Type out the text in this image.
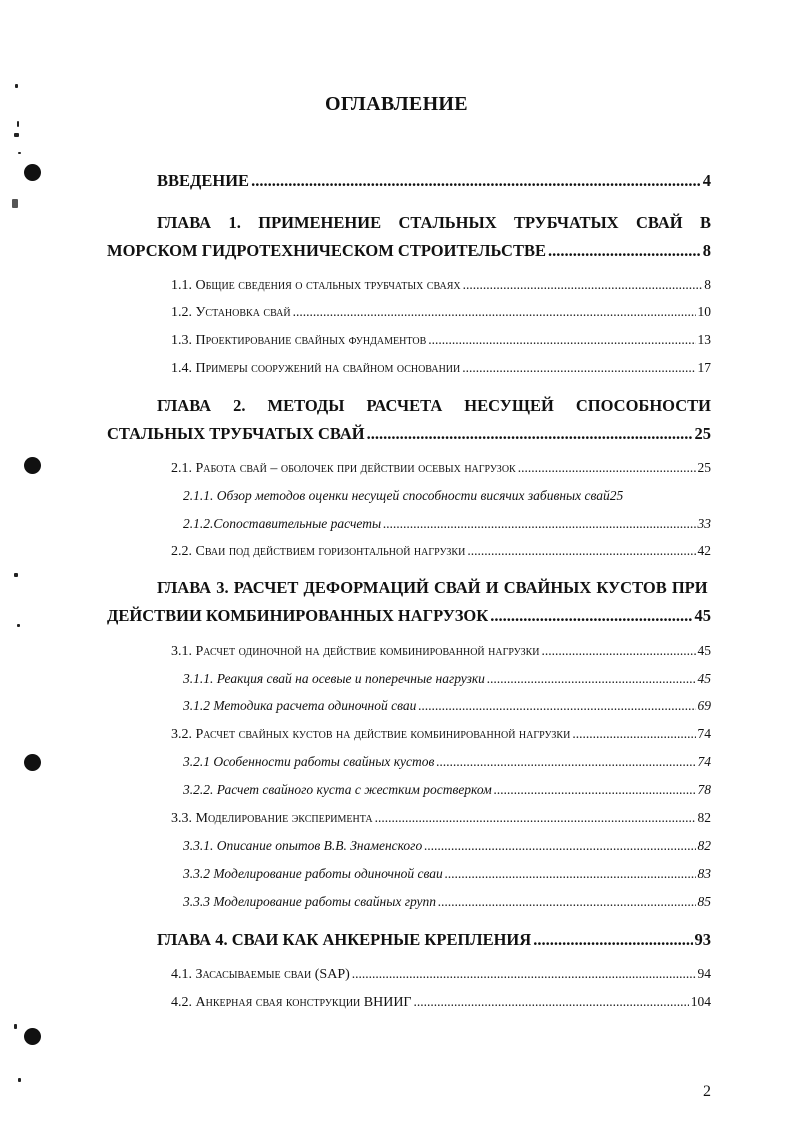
ОГЛАВЛЕНИЕ
ВВЕДЕНИЕ .....	4
ГЛАВА 1. ПРИМЕНЕНИЕ СТАЛЬНЫХ ТРУБЧАТЫХ СВАЙ В
МОРСКОМ ГИДРОТЕХНИЧЕСКОМ СТРОИТЕЛЬСТВЕ .....	8
1.1. Общие сведения о стальных трубчатых сваях .....	8
1.2. Установка свай .....	10
1.3. Проектирование свайных фундаментов .....	13
1.4. Примеры сооружений на свайном основании .....	17
ГЛАВА 2. МЕТОДЫ РАСЧЕТА НЕСУЩЕЙ СПОСОБНОСТИ
СТАЛЬНЫХ ТРУБЧАТЫХ СВАЙ .....	25
2.1. Работа свай – оболочек при действии осевых нагрузок .....	25
2.1.1. Обзор методов оценки несущей способности висячих забивных свай 25
2.1.2.Сопоставительные расчеты .....	33
2.2. Сваи под действием горизонтальной нагрузки .....	42
ГЛАВА 3. РАСЧЕТ ДЕФОРМАЦИЙ СВАЙ И СВАЙНЫХ КУСТОВ ПРИ
ДЕЙСТВИИ КОМБИНИРОВАННЫХ НАГРУЗОК .....	45
3.1. Расчет одиночной на действие комбинированной нагрузки .....	45
3.1.1. Реакция свай на осевые и поперечные нагрузки .....	45
3.1.2 Методика расчета одиночной сваи .....	69
3.2. Расчет свайных кустов на действие комбинированной нагрузки .....	74
3.2.1 Особенности работы свайных кустов .....	74
3.2.2. Расчет свайного куста с жестким ростверком .....	78
3.3. Моделирование эксперимента .....	82
3.3.1. Описание опытов В.В. Знаменского .....	82
3.3.2 Моделирование работы одиночной сваи .....	83
3.3.3 Моделирование работы свайных групп .....	85
ГЛАВА 4. СВАИ КАК АНКЕРНЫЕ КРЕПЛЕНИЯ .....	93
4.1. Засасываемые сваи (SAP) .....	94
4.2. Анкерная свая конструкции ВНИИГ .....	104
2
